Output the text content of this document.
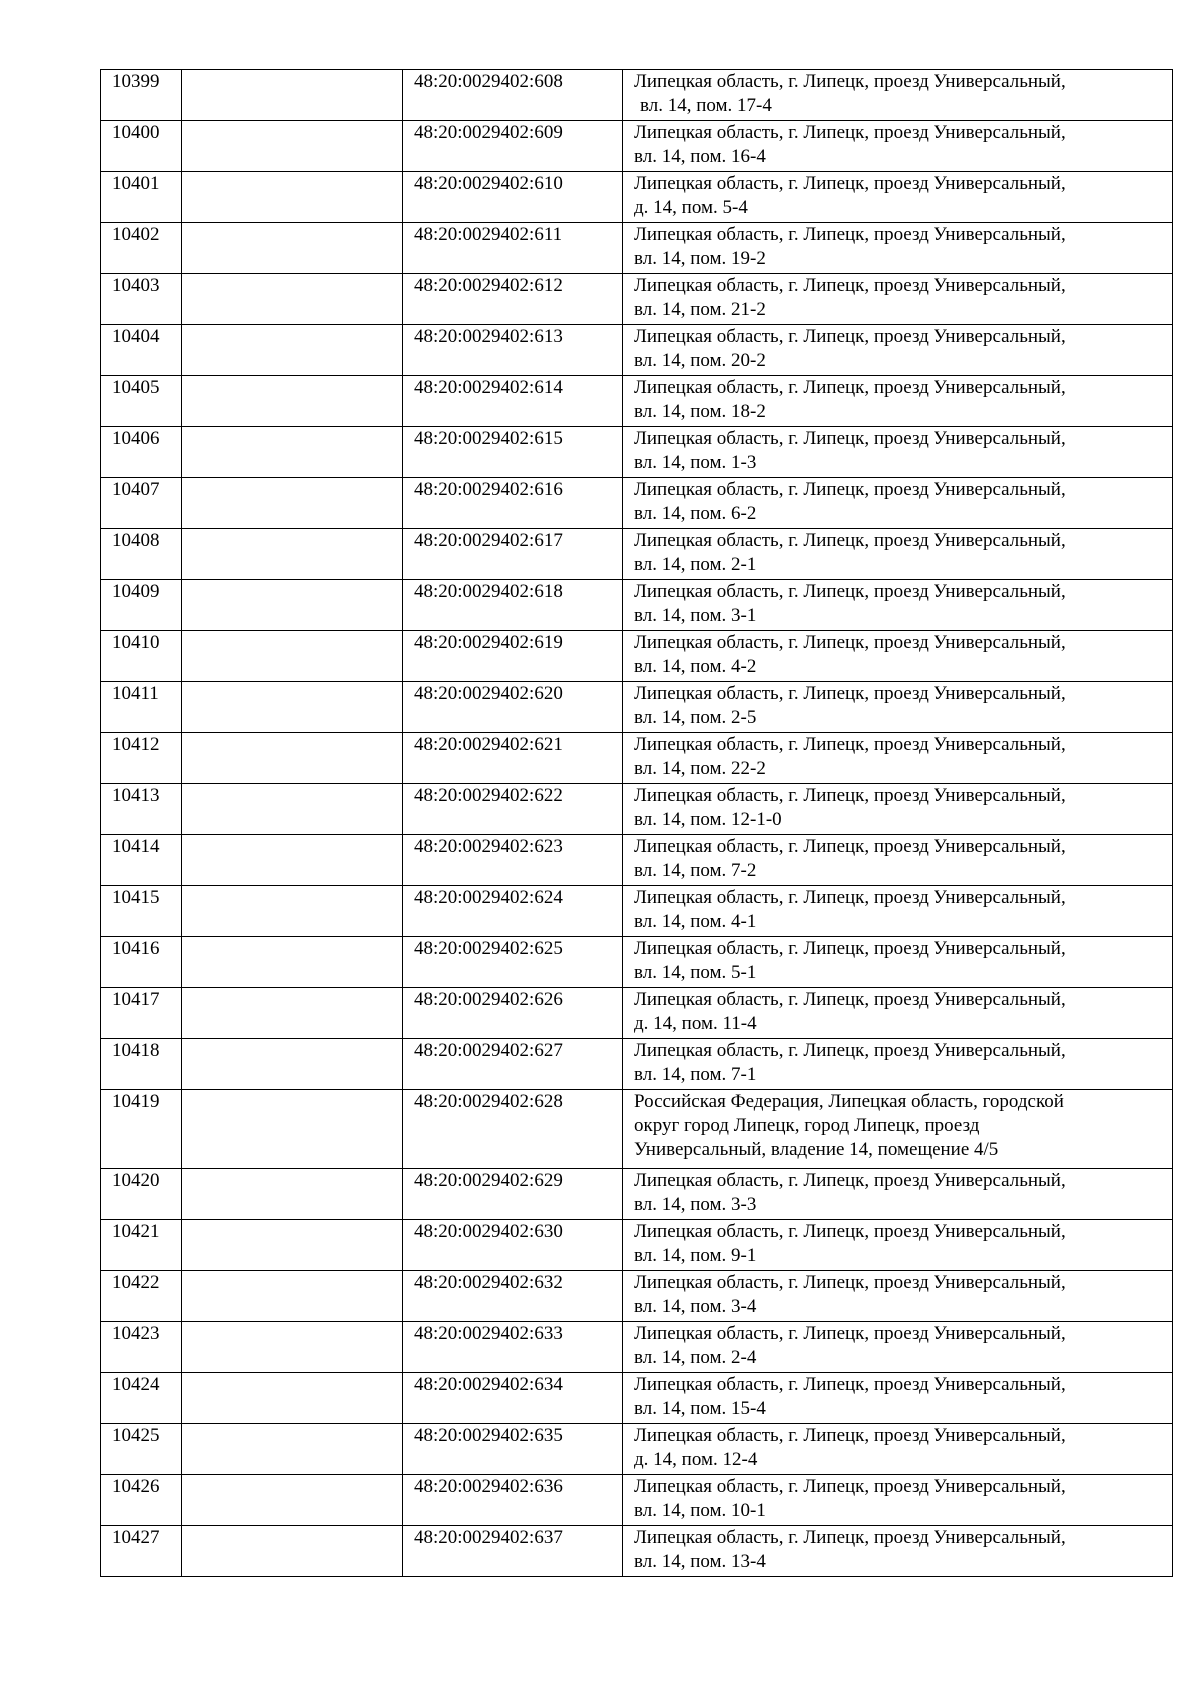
10399		48:20:0029402:608	Липецкая область, г. Липецк, проезд Универсальный,
вл. 14, пом. 17-4

10400		48:20:0029402:609	Липецкая область, г. Липецк, проезд Универсальный,
вл. 14, пом. 16-4

10401		48:20:0029402:610	Липецкая область, г. Липецк, проезд Универсальный,
д. 14, пом. 5-4

10402		48:20:0029402:611	Липецкая область, г. Липецк, проезд Универсальный,
вл. 14, пом. 19-2

10403		48:20:0029402:612	Липецкая область, г. Липецк, проезд Универсальный,
вл. 14, пом. 21-2

10404		48:20:0029402:613	Липецкая область, г. Липецк, проезд Универсальный,
вл. 14, пом. 20-2

10405		48:20:0029402:614	Липецкая область, г. Липецк, проезд Универсальный,
вл. 14, пом. 18-2

10406		48:20:0029402:615	Липецкая область, г. Липецк, проезд Универсальный,
вл. 14, пом. 1-3

10407		48:20:0029402:616	Липецкая область, г. Липецк, проезд Универсальный,
вл. 14, пом. 6-2

10408		48:20:0029402:617	Липецкая область, г. Липецк, проезд Универсальный,
вл. 14, пом. 2-1

10409		48:20:0029402:618	Липецкая область, г. Липецк, проезд Универсальный,
вл. 14, пом. 3-1

10410		48:20:0029402:619	Липецкая область, г. Липецк, проезд Универсальный,
вл. 14, пом. 4-2

10411		48:20:0029402:620	Липецкая область, г. Липецк, проезд Универсальный,
вл. 14, пом. 2-5

10412		48:20:0029402:621	Липецкая область, г. Липецк, проезд Универсальный,
вл. 14, пом. 22-2

10413		48:20:0029402:622	Липецкая область, г. Липецк, проезд Универсальный,
вл. 14, пом. 12-1-0

10414		48:20:0029402:623	Липецкая область, г. Липецк, проезд Универсальный,
вл. 14, пом. 7-2

10415		48:20:0029402:624	Липецкая область, г. Липецк, проезд Универсальный,
вл. 14, пом. 4-1

10416		48:20:0029402:625	Липецкая область, г. Липецк, проезд Универсальный,
вл. 14, пом. 5-1

10417		48:20:0029402:626	Липецкая область, г. Липецк, проезд Универсальный,
д. 14, пом. 11-4

10418		48:20:0029402:627	Липецкая область, г. Липецк, проезд Универсальный,
вл. 14, пом. 7-1

10419		48:20:0029402:628	Российская Федерация, Липецкая область, городской
округ город Липецк, город Липецк, проезд
Универсальный, владение 14, помещение 4/5

10420		48:20:0029402:629	Липецкая область, г. Липецк, проезд Универсальный,
вл. 14, пом. 3-3

10421		48:20:0029402:630	Липецкая область, г. Липецк, проезд Универсальный,
вл. 14, пом. 9-1

10422		48:20:0029402:632	Липецкая область, г. Липецк, проезд Универсальный,
вл. 14, пом. 3-4

10423		48:20:0029402:633	Липецкая область, г. Липецк, проезд Универсальный,
вл. 14, пом. 2-4

10424		48:20:0029402:634	Липецкая область, г. Липецк, проезд Универсальный,
вл. 14, пом. 15-4

10425		48:20:0029402:635	Липецкая область, г. Липецк, проезд Универсальный,
д. 14, пом. 12-4

10426		48:20:0029402:636	Липецкая область, г. Липецк, проезд Универсальный,
вл. 14, пом. 10-1

10427		48:20:0029402:637	Липецкая область, г. Липецк, проезд Универсальный,
вл. 14, пом. 13-4
